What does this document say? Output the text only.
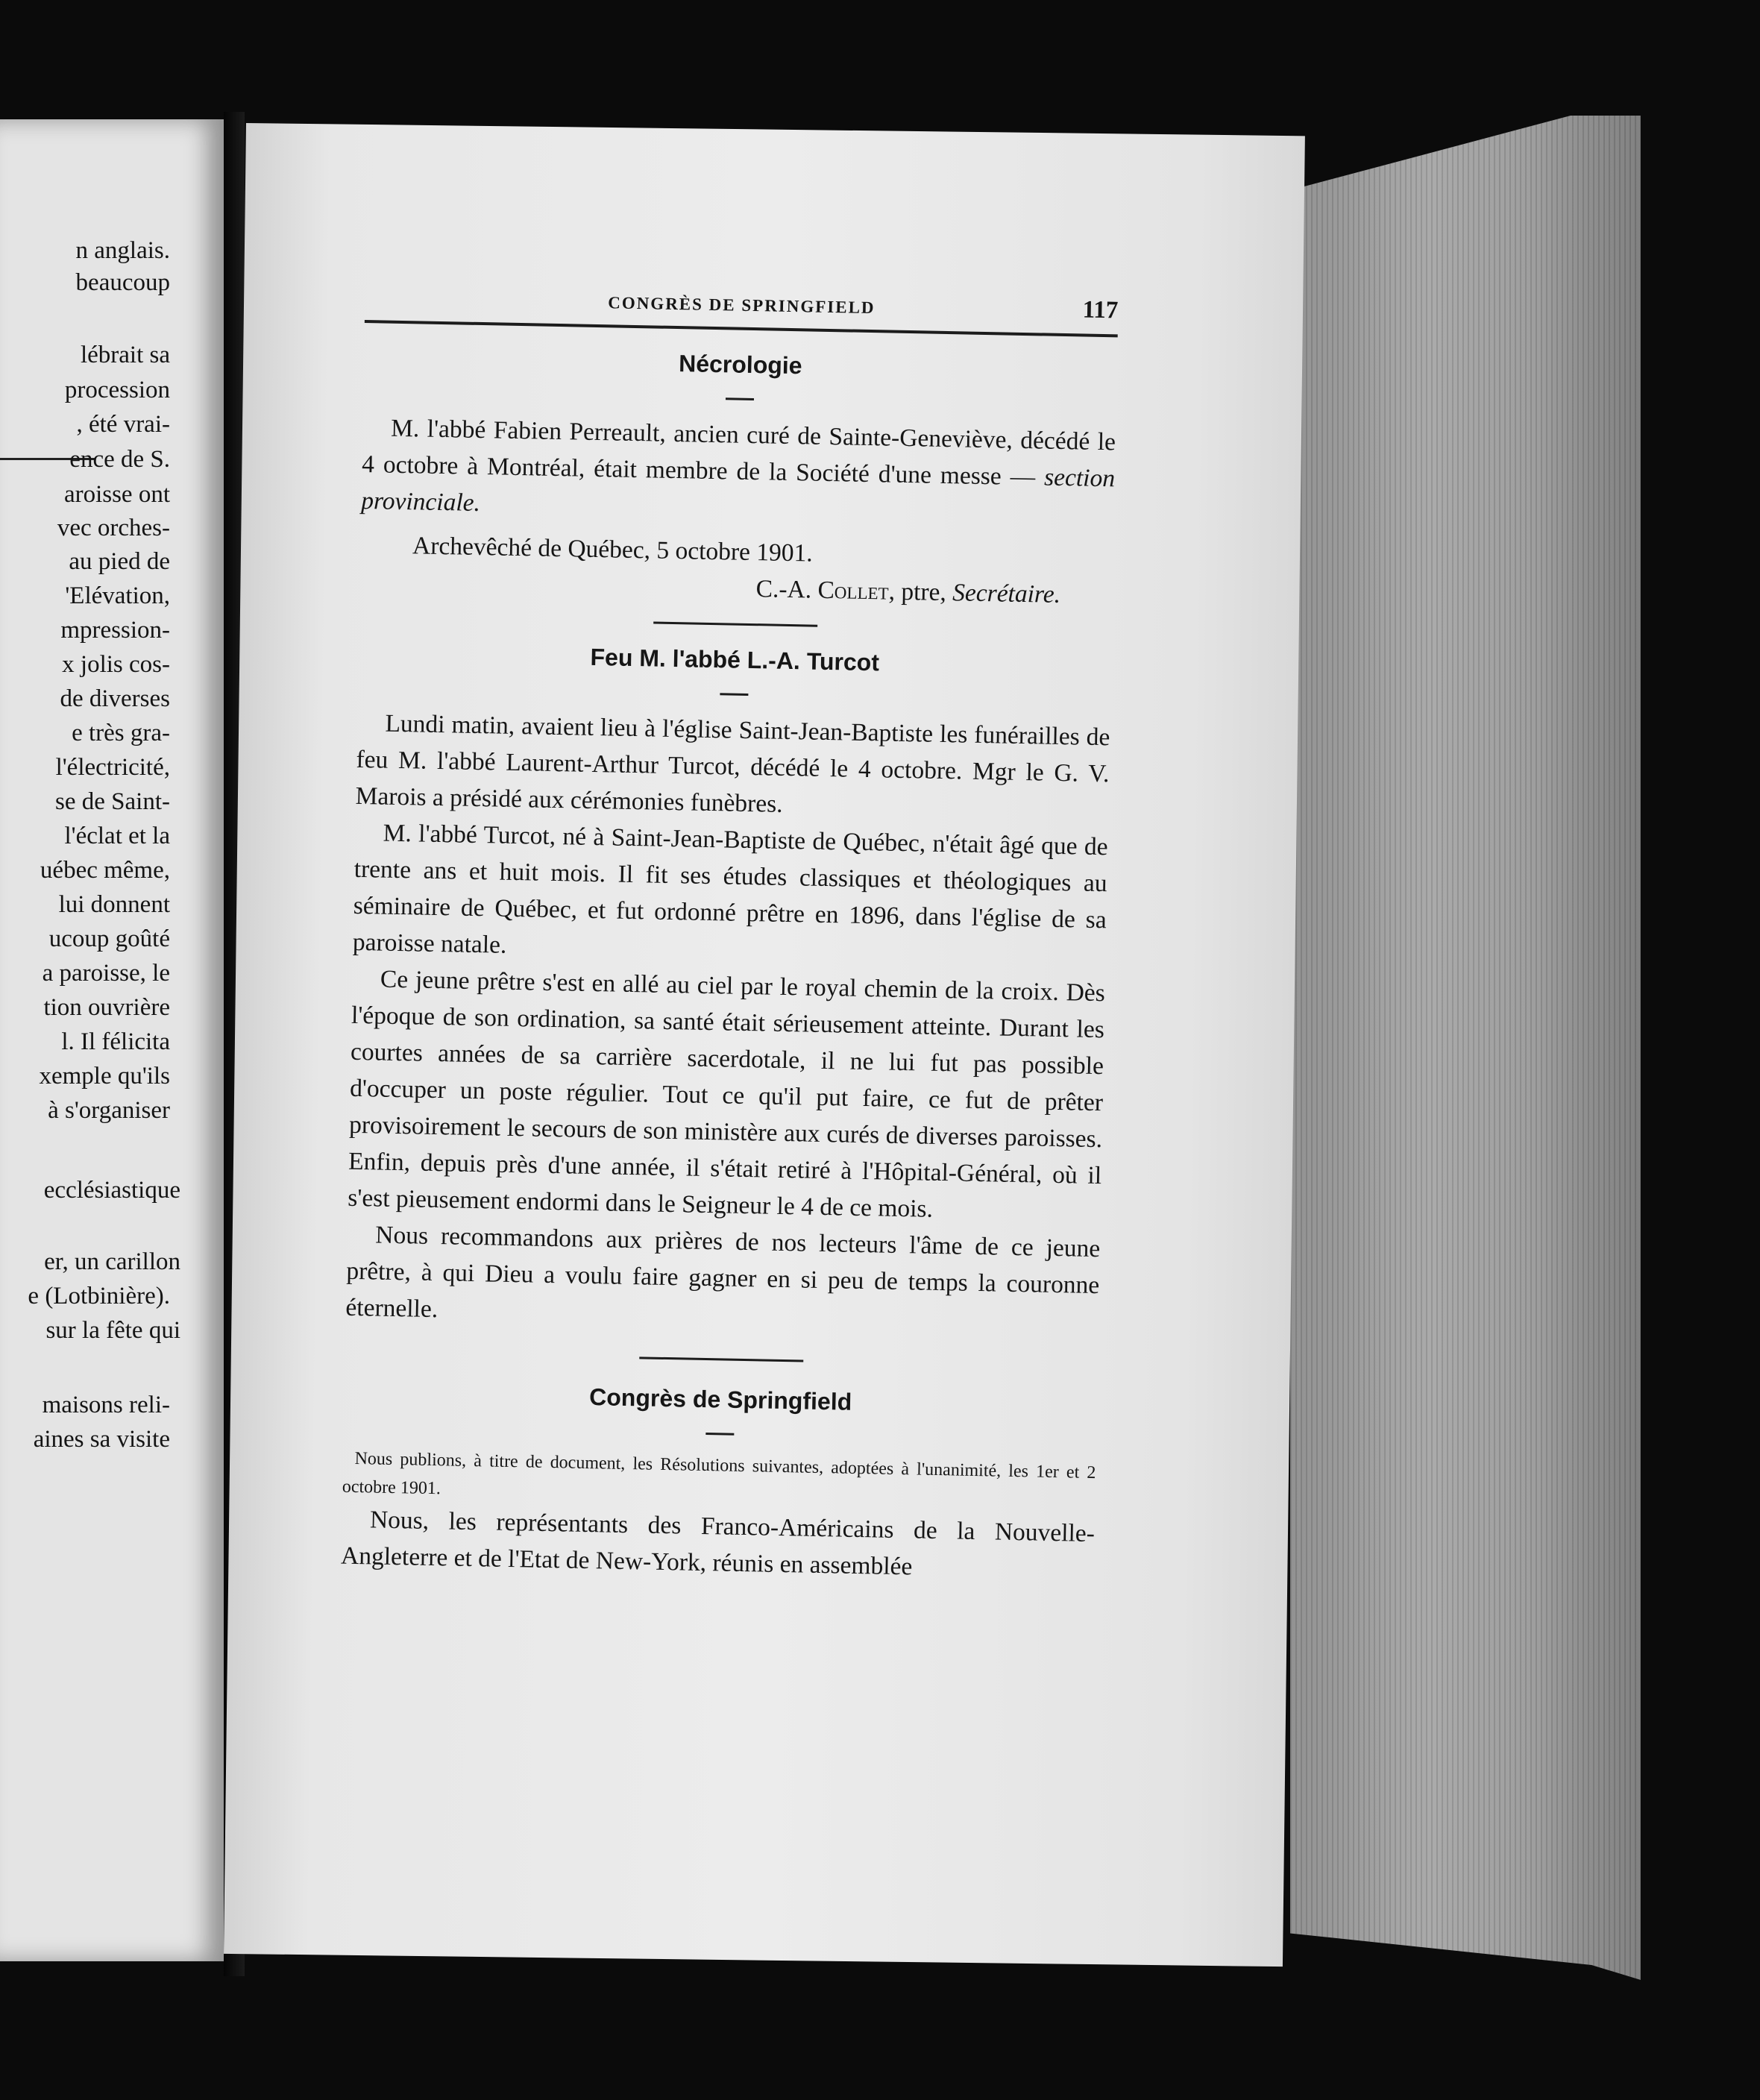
n anglais.
beaucoup
lébrait sa
procession
, été vrai-
ence de S.
aroisse ont
vec orches-
au pied de
'Elévation,
mpression-
x jolis cos-
de diverses
e très gra-
l'électricité,
se de Saint-
l'éclat et la
uébec même,
lui donnent
ucoup goûté
a paroisse, le
tion ouvrière
l. Il félicita
xemple qu'ils
à s'organiser
ecclésiastique
er, un carillon
e (Lotbinière).
sur la fête qui
maisons reli-
aines sa visite
CONGRÈS DE SPRINGFIELD	117
Nécrologie

M. l'abbé Fabien Perreault, ancien curé de Sainte-Geneviève, décédé le 4 octobre à Montréal, était membre de la Société d'une messe — section provinciale.

Archevêché de Québec, 5 octobre 1901.

C.-A. Collet, ptre, Secrétaire.

Feu M. l'abbé L.-A. Turcot

Lundi matin, avaient lieu à l'église Saint-Jean-Baptiste les funérailles de feu M. l'abbé Laurent-Arthur Turcot, décédé le 4 octobre. Mgr le G. V. Marois a présidé aux cérémonies funèbres.

M. l'abbé Turcot, né à Saint-Jean-Baptiste de Québec, n'était âgé que de trente ans et huit mois. Il fit ses études classiques et théologiques au séminaire de Québec, et fut ordonné prêtre en 1896, dans l'église de sa paroisse natale.

Ce jeune prêtre s'est en allé au ciel par le royal chemin de la croix. Dès l'époque de son ordination, sa santé était sérieusement atteinte. Durant les courtes années de sa carrière sacerdotale, il ne lui fut pas possible d'occuper un poste régulier. Tout ce qu'il put faire, ce fut de prêter provisoirement le secours de son ministère aux curés de diverses paroisses. Enfin, depuis près d'une année, il s'était retiré à l'Hôpital-Général, où il s'est pieusement endormi dans le Seigneur le 4 de ce mois.

Nous recommandons aux prières de nos lecteurs l'âme de ce jeune prêtre, à qui Dieu a voulu faire gagner en si peu de temps la couronne éternelle.

Congrès de Springfield

Nous publions, à titre de document, les Résolutions suivantes, adoptées à l'unanimité, les 1er et 2 octobre 1901.

Nous, les représentants des Franco-Américains de la Nouvelle-Angleterre et de l'Etat de New-York, réunis en assemblée
